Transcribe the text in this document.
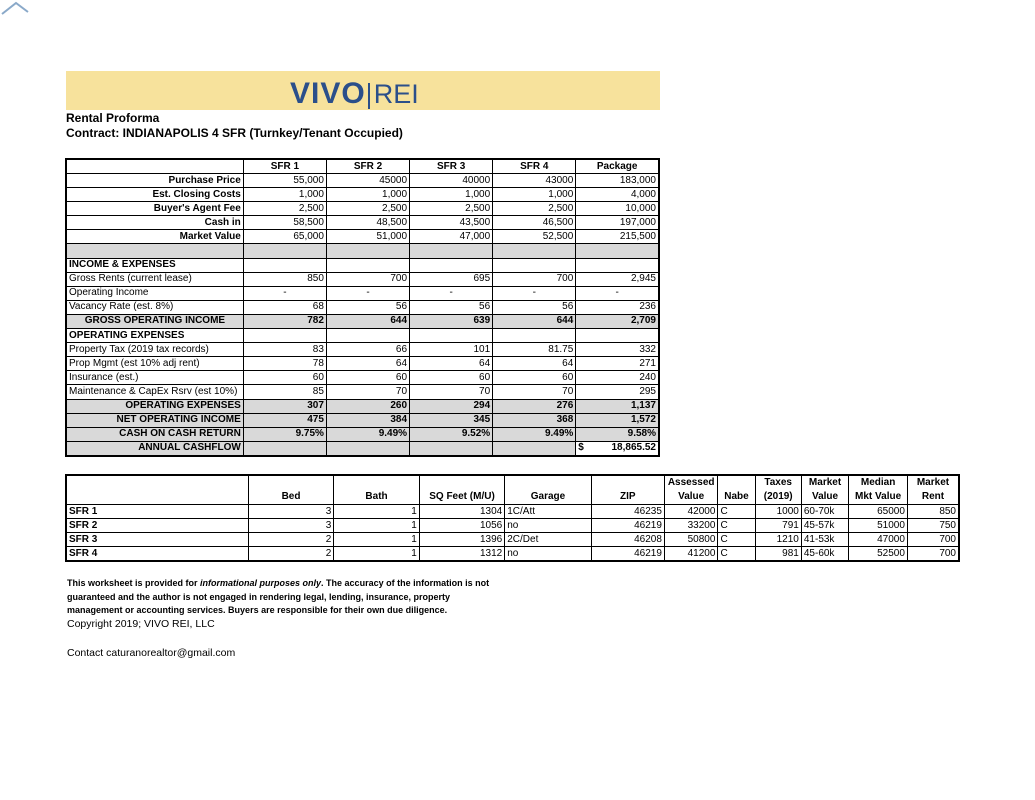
VIVO REI
Rental Proforma
Contract: INDIANAPOLIS 4 SFR (Turnkey/Tenant Occupied)
	SFR 1	SFR 2	SFR 3	SFR 4	Package
Purchase Price	55,000	45000	40000	43000	183,000
Est. Closing Costs	1,000	1,000	1,000	1,000	4,000
Buyer's Agent Fee	2,500	2,500	2,500	2,500	10,000
Cash in	58,500	48,500	43,500	46,500	197,000
Market Value	65,000	51,000	47,000	52,500	215,500

INCOME & EXPENSES					
Gross Rents (current lease)	850	700	695	700	2,945
Operating Income	-	-	-	-	-
Vacancy Rate (est. 8%)	68	56	56	56	236
GROSS OPERATING INCOME	782	644	639	644	2,709
OPERATING EXPENSES					
Property Tax (2019 tax records)	83	66	101	81.75	332
Prop Mgmt (est 10% adj rent)	78	64	64	64	271
Insurance (est.)	60	60	60	60	240
Maintenance & CapEx Rsrv (est 10%)	85	70	70	70	295
OPERATING EXPENSES	307	260	294	276	1,137
NET OPERATING INCOME	475	384	345	368	1,572
CASH ON CASH RETURN	9.75%	9.49%	9.52%	9.49%	9.58%
ANNUAL CASHFLOW					$ 18,865.52
	Bed	Bath	SQ Feet (M/U)	Garage	ZIP	Assessed Value	Nabe	Taxes (2019)	Market Value	Median Mkt Value	Market Rent
SFR 1	3	1	1304	1C/Att	46235	42000	C	1000	60-70k	65000	850
SFR 2	3	1	1056	no	46219	33200	C	791	45-57k	51000	750
SFR 3	2	1	1396	2C/Det	46208	50800	C	1210	41-53k	47000	700
SFR 4	2	1	1312	no	46219	41200	C	981	45-60k	52500	700
This worksheet is provided for informational purposes only. The accuracy of the information is not guaranteed and the author is not engaged in rendering legal, lending, insurance, property management or accounting services. Buyers are responsible for their own due diligence.
Copyright 2019; VIVO REI, LLC
Contact caturanorealtor@gmail.com
